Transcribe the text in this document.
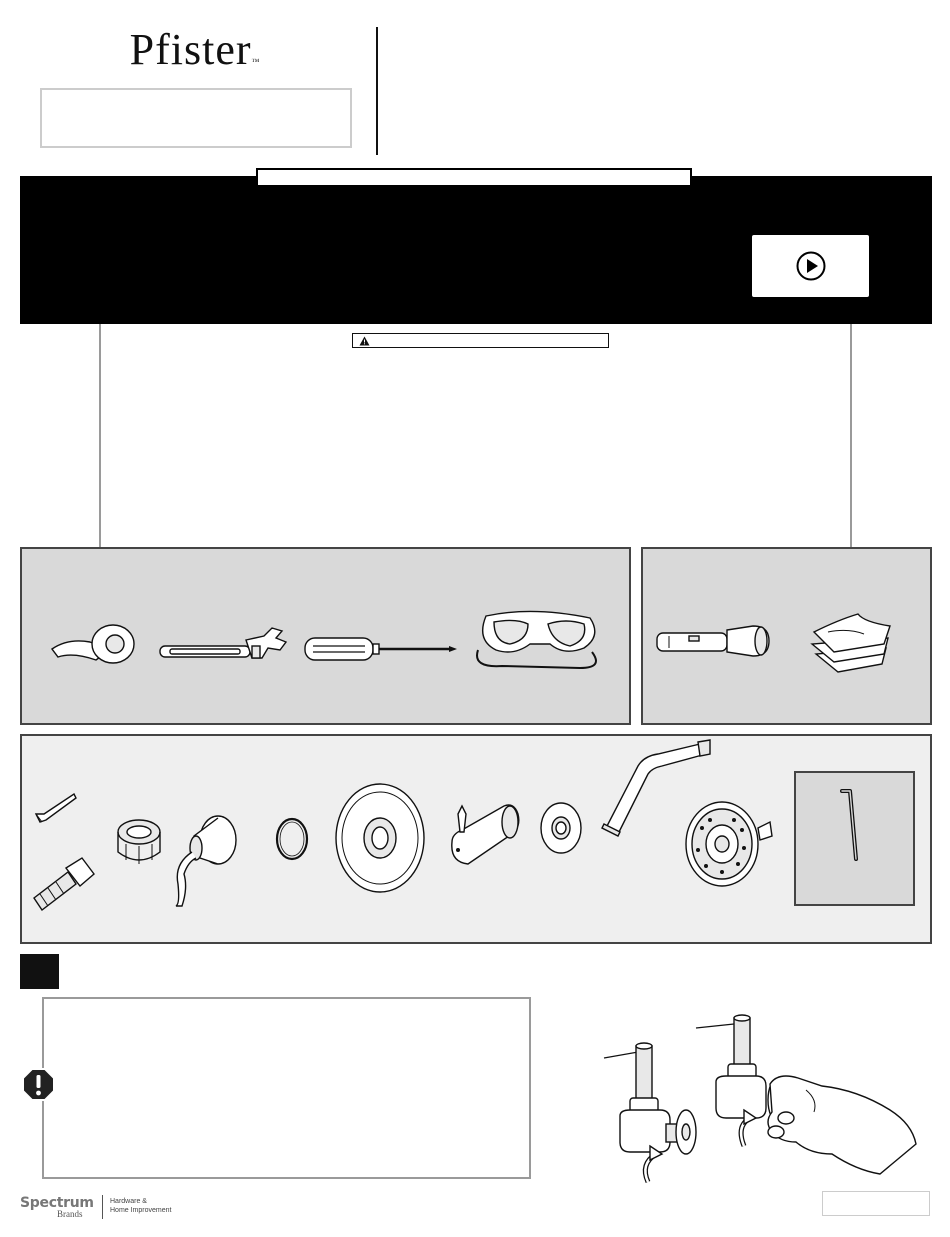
Pfister™
Spectrum
Brands
Hardware &
Home Improvement
